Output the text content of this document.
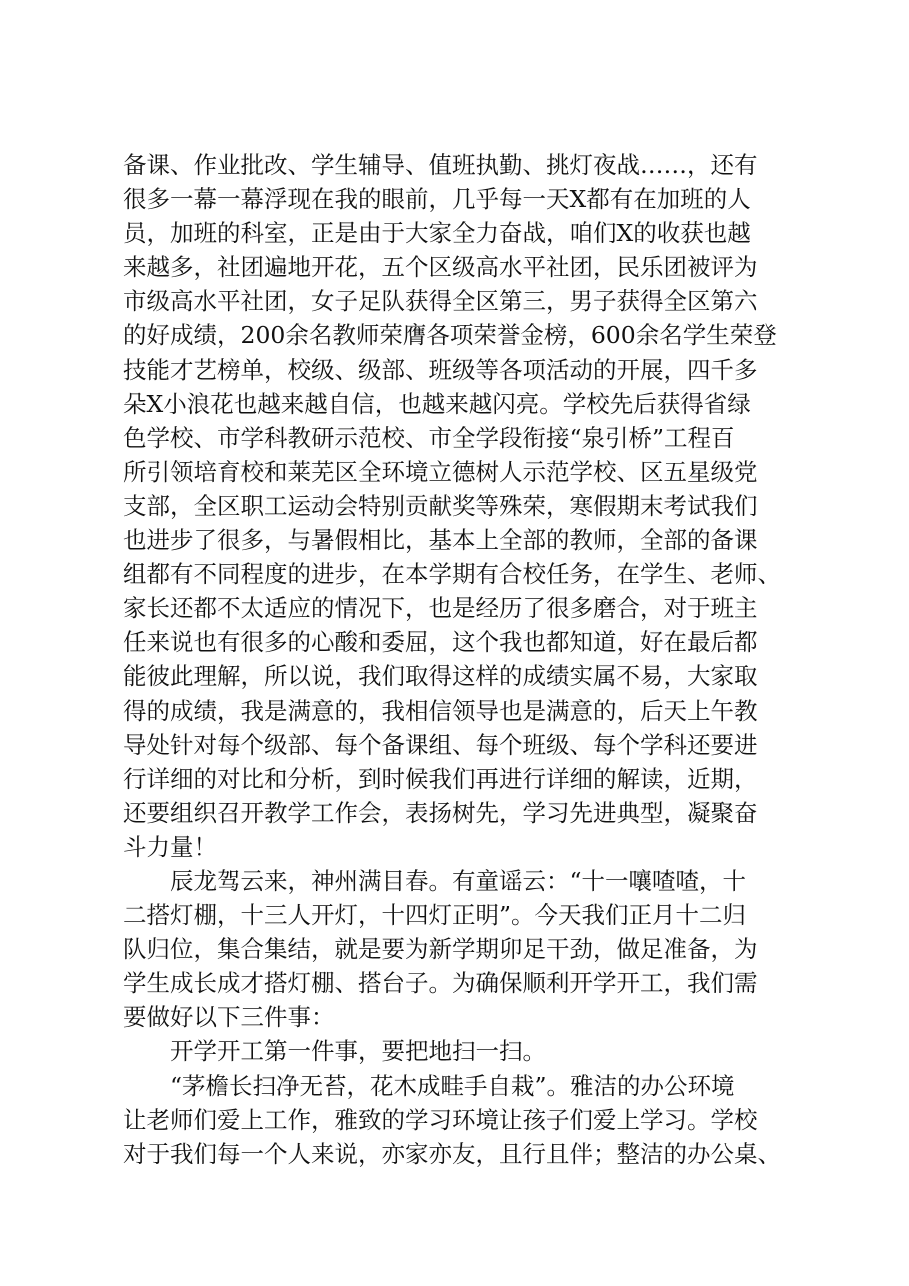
备课、作业批改、学生辅导、值班执勤、挑灯夜战……，还有
很多一幕一幕浮现在我的眼前，几乎每一天X都有在加班的人
员，加班的科室，正是由于大家全力奋战，咱们X的收获也越
来越多，社团遍地开花，五个区级高水平社团，民乐团被评为
市级高水平社团，女子足队获得全区第三，男子获得全区第六
的好成绩，200余名教师荣膺各项荣誉金榜，600余名学生荣登
技能才艺榜单，校级、级部、班级等各项活动的开展，四千多
朵X小浪花也越来越自信，也越来越闪亮。学校先后获得省绿
色学校、市学科教研示范校、市全学段衔接“泉引桥”工程百
所引领培育校和莱芜区全环境立德树人示范学校、区五星级党
支部，全区职工运动会特别贡献奖等殊荣，寒假期末考试我们
也进步了很多，与暑假相比，基本上全部的教师，全部的备课
组都有不同程度的进步，在本学期有合校任务，在学生、老师、
家长还都不太适应的情况下，也是经历了很多磨合，对于班主
任来说也有很多的心酸和委屈，这个我也都知道，好在最后都
能彼此理解，所以说，我们取得这样的成绩实属不易，大家取
得的成绩，我是满意的，我相信领导也是满意的，后天上午教
导处针对每个级部、每个备课组、每个班级、每个学科还要进
行详细的对比和分析，到时候我们再进行详细的解读，近期，
还要组织召开教学工作会，表扬树先，学习先进典型，凝聚奋
斗力量！
辰龙驾云来，神州满目春。有童谣云：“十一嚷喳喳，十
二搭灯棚，十三人开灯，十四灯正明”。今天我们正月十二归
队归位，集合集结，就是要为新学期卯足干劲，做足准备，为
学生成长成才搭灯棚、搭台子。为确保顺利开学开工，我们需
要做好以下三件事：
开学开工第一件事，要把地扫一扫。
“茅檐长扫净无苔，花木成畦手自栽”。雅洁的办公环境
让老师们爱上工作，雅致的学习环境让孩子们爱上学习。学校
对于我们每一个人来说，亦家亦友，且行且伴；整洁的办公桌、
